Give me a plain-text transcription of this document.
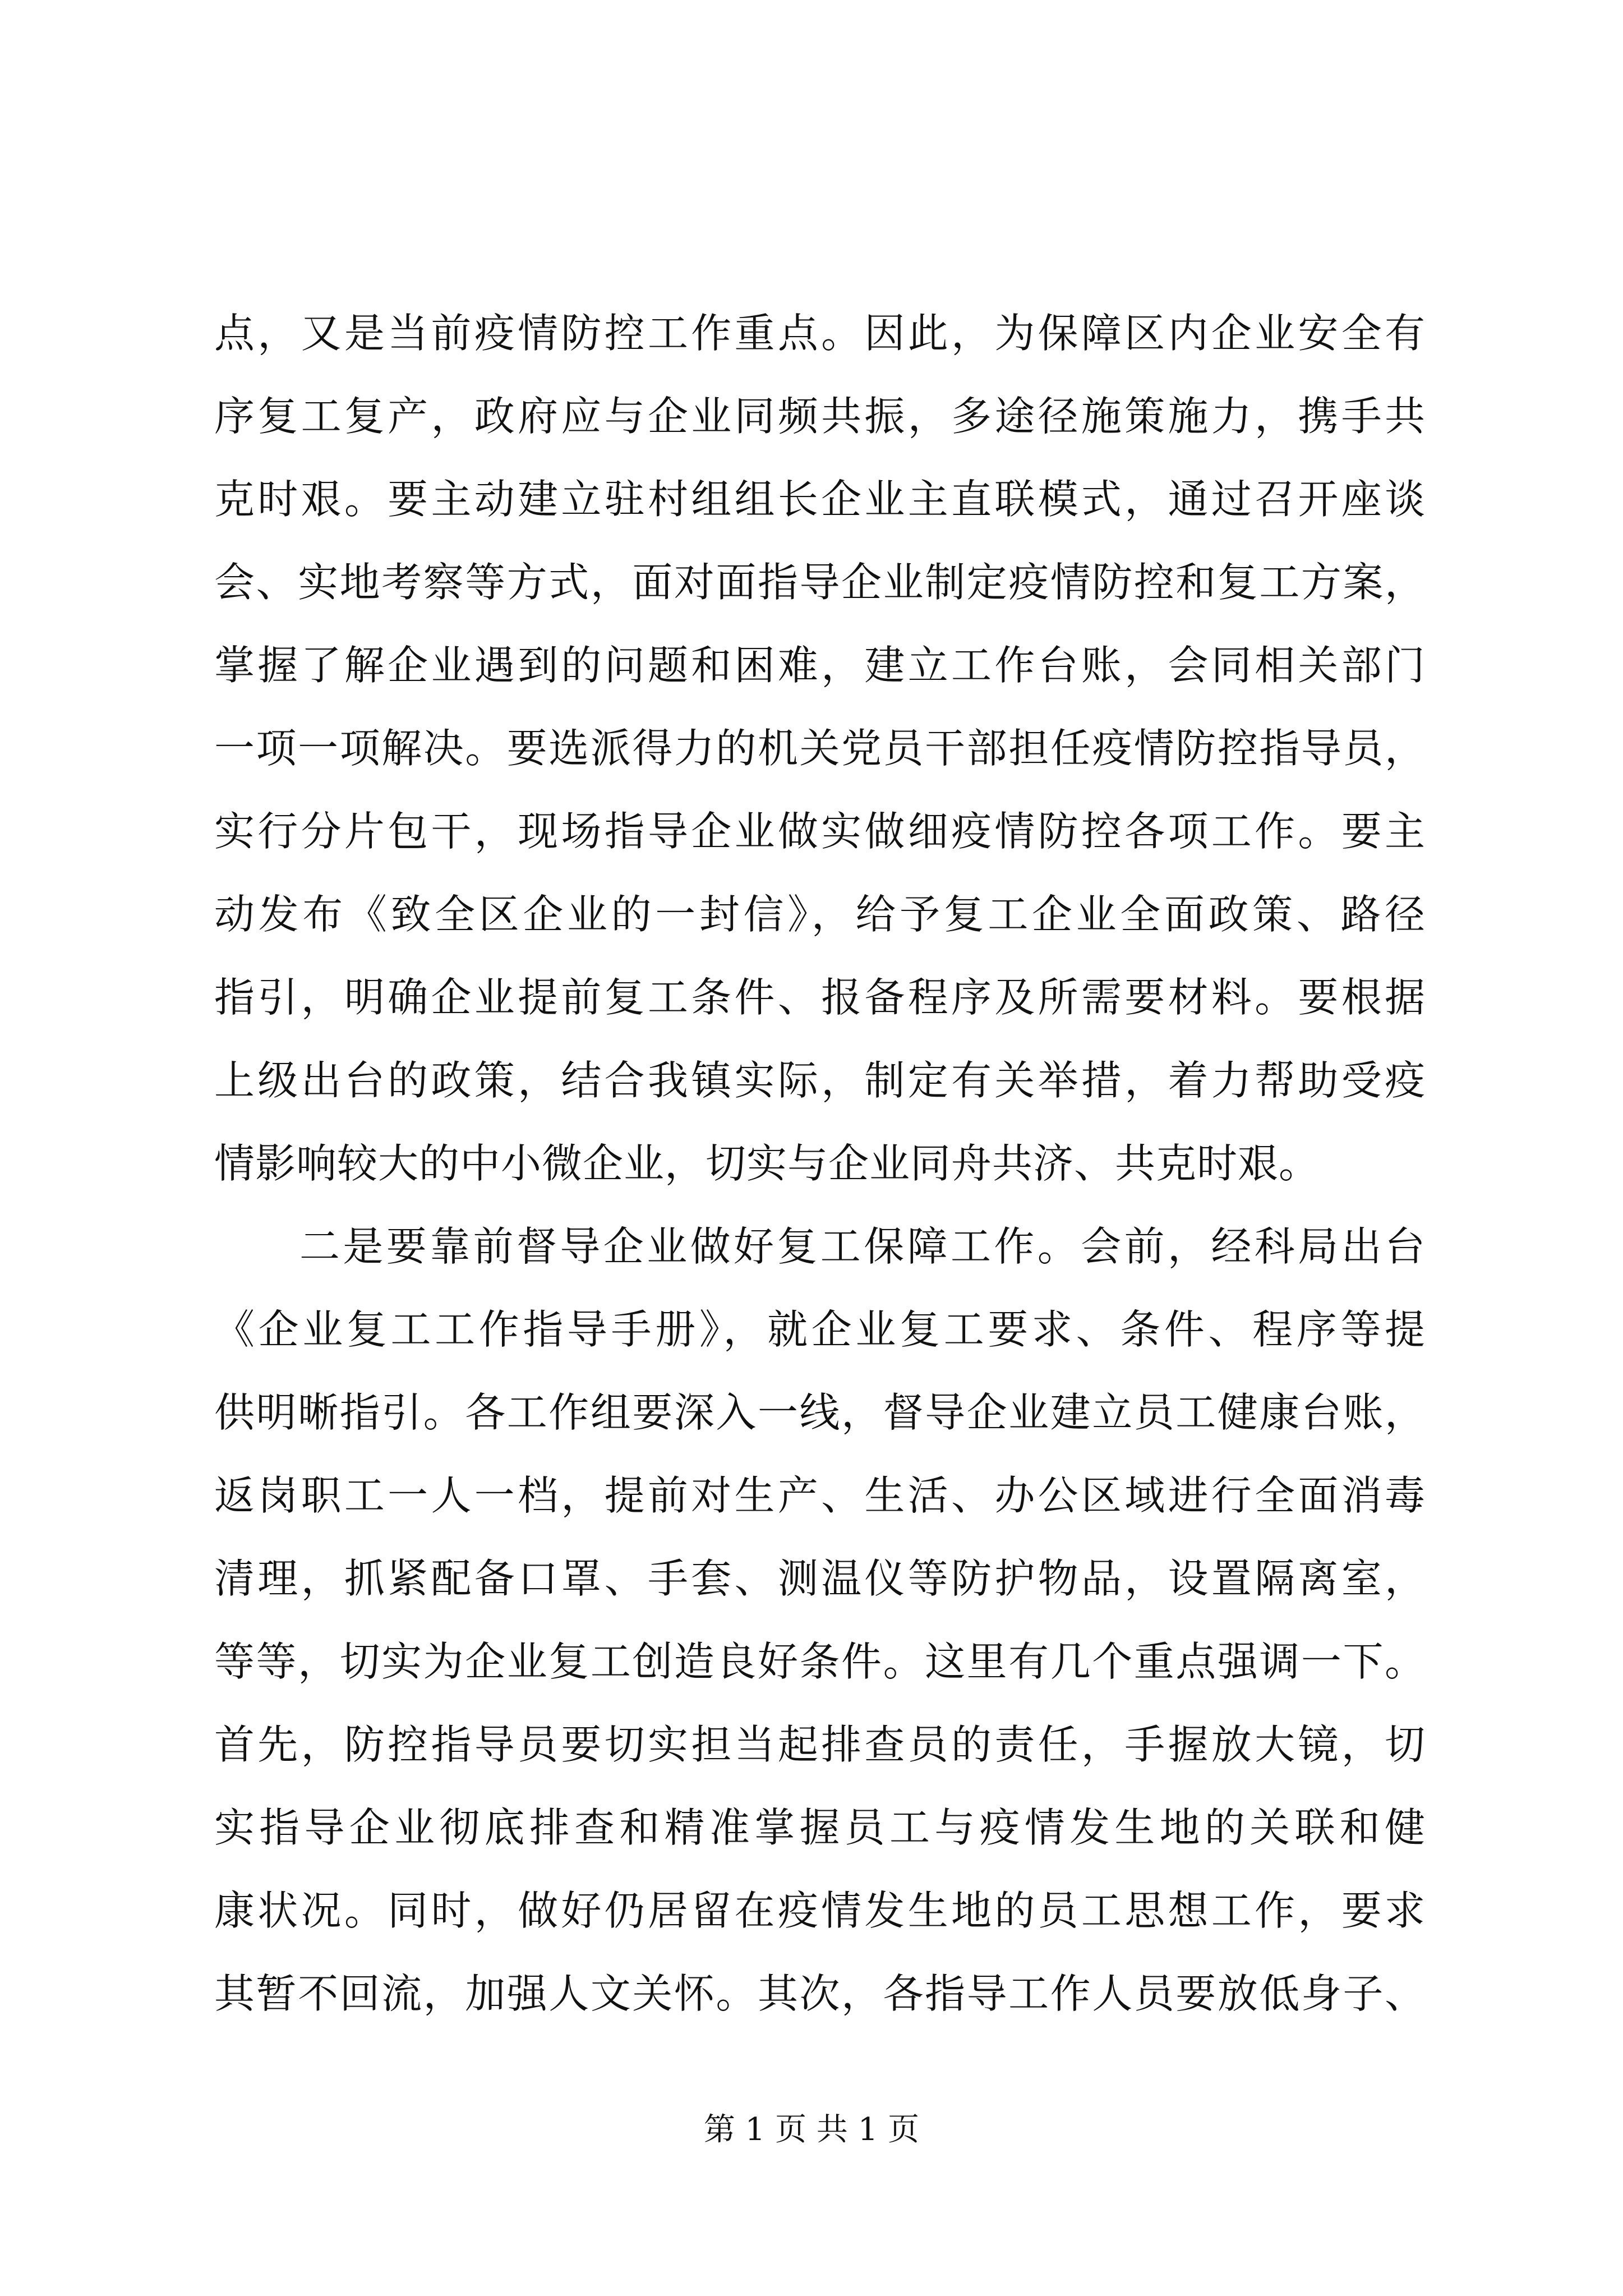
点，又是当前疫情防控工作重点。因此，为保障区内企业安全有
序复工复产，政府应与企业同频共振，多途径施策施力，携手共
克时艰。要主动建立驻村组组长企业主直联模式，通过召开座谈
会、实地考察等方式，面对面指导企业制定疫情防控和复工方案，
掌握了解企业遇到的问题和困难，建立工作台账，会同相关部门
一项一项解决。要选派得力的机关党员干部担任疫情防控指导员，
实行分片包干，现场指导企业做实做细疫情防控各项工作。要主
动发布《致全区企业的一封信》，给予复工企业全面政策、路径
指引，明确企业提前复工条件、报备程序及所需要材料。要根据
上级出台的政策，结合我镇实际，制定有关举措，着力帮助受疫
情影响较大的中小微企业，切实与企业同舟共济、共克时艰。
二是要靠前督导企业做好复工保障工作。会前，经科局出台
《企业复工工作指导手册》，就企业复工要求、条件、程序等提
供明晰指引。各工作组要深入一线，督导企业建立员工健康台账，
返岗职工一人一档，提前对生产、生活、办公区域进行全面消毒
清理，抓紧配备口罩、手套、测温仪等防护物品，设置隔离室，
等等，切实为企业复工创造良好条件。这里有几个重点强调一下。
首先，防控指导员要切实担当起排查员的责任，手握放大镜，切
实指导企业彻底排查和精准掌握员工与疫情发生地的关联和健
康状况。同时，做好仍居留在疫情发生地的员工思想工作，要求
其暂不回流，加强人文关怀。其次，各指导工作人员要放低身子、
第 1 页 共 1 页
